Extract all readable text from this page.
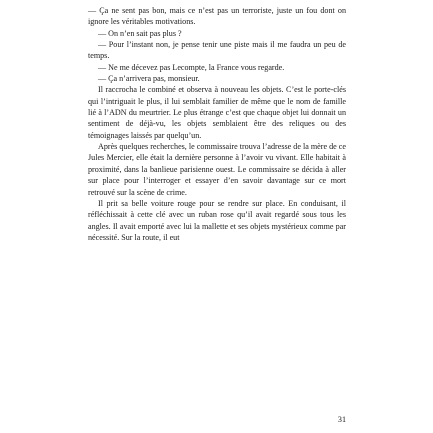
— Ça ne sent pas bon, mais ce n’est pas un terroriste, juste un fou dont on ignore les véritables motivations.

— On n’en sait pas plus ?

— Pour l’instant non, je pense tenir une piste mais il me faudra un peu de temps.

— Ne me décevez pas Lecompte, la France vous regarde.

— Ça n’arrivera pas, monsieur.

Il raccrocha le combiné et observa à nouveau les objets. C’est le porte-clés qui l’intriguait le plus, il lui semblait familier de même que le nom de famille lié à l’ADN du meurtrier. Le plus étrange c’est que chaque objet lui donnait un sentiment de déjà-vu, les objets semblaient être des reliques ou des témoignages laissés par quelqu’un.

Après quelques recherches, le commissaire trouva l’adresse de la mère de ce Jules Mercier, elle était la dernière personne à l’avoir vu vivant. Elle habitait à proximité, dans la banlieue parisienne ouest. Le commissaire se décida à aller sur place pour l’interroger et essayer d’en savoir davantage sur ce mort retrouvé sur la scène de crime.

Il prit sa belle voiture rouge pour se rendre sur place. En conduisant, il réfléchissait à cette clé avec un ruban rose qu’il avait regardé sous tous les angles. Il avait emporté avec lui la mallette et ses objets mystérieux comme par nécessité. Sur la route, il eut

31
